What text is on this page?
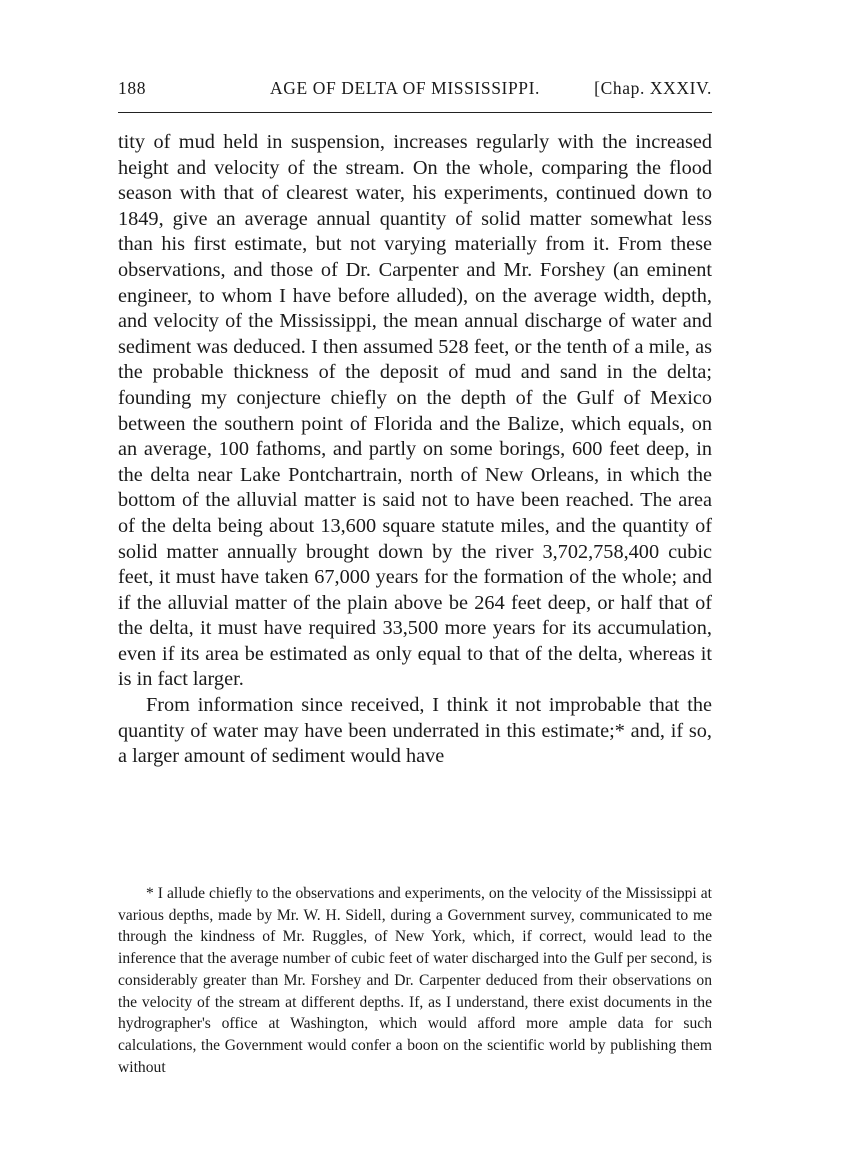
188	AGE OF DELTA OF MISSISSIPPI.	[Chap. XXXIV.

tity of mud held in suspension, increases regularly with the increased height and velocity of the stream. On the whole, comparing the flood season with that of clearest water, his experiments, continued down to 1849, give an average annual quantity of solid matter somewhat less than his first estimate, but not varying materially from it. From these observations, and those of Dr. Carpenter and Mr. Forshey (an eminent engineer, to whom I have before alluded), on the average width, depth, and velocity of the Mississippi, the mean annual discharge of water and sediment was deduced. I then assumed 528 feet, or the tenth of a mile, as the probable thickness of the deposit of mud and sand in the delta; founding my conjecture chiefly on the depth of the Gulf of Mexico between the southern point of Florida and the Balize, which equals, on an average, 100 fathoms, and partly on some borings, 600 feet deep, in the delta near Lake Pontchartrain, north of New Orleans, in which the bottom of the alluvial matter is said not to have been reached. The area of the delta being about 13,600 square statute miles, and the quantity of solid matter annually brought down by the river 3,702,758,400 cubic feet, it must have taken 67,000 years for the formation of the whole; and if the alluvial matter of the plain above be 264 feet deep, or half that of the delta, it must have required 33,500 more years for its accumulation, even if its area be estimated as only equal to that of the delta, whereas it is in fact larger.

From information since received, I think it not improbable that the quantity of water may have been underrated in this estimate;* and, if so, a larger amount of sediment would have

* I allude chiefly to the observations and experiments, on the velocity of the Mississippi at various depths, made by Mr. W. H. Sidell, during a Government survey, communicated to me through the kindness of Mr. Ruggles, of New York, which, if correct, would lead to the inference that the average number of cubic feet of water discharged into the Gulf per second, is considerably greater than Mr. Forshey and Dr. Carpenter deduced from their observations on the velocity of the stream at different depths. If, as I understand, there exist documents in the hydrographer's office at Washington, which would afford more ample data for such calculations, the Government would confer a boon on the scientific world by publishing them without
